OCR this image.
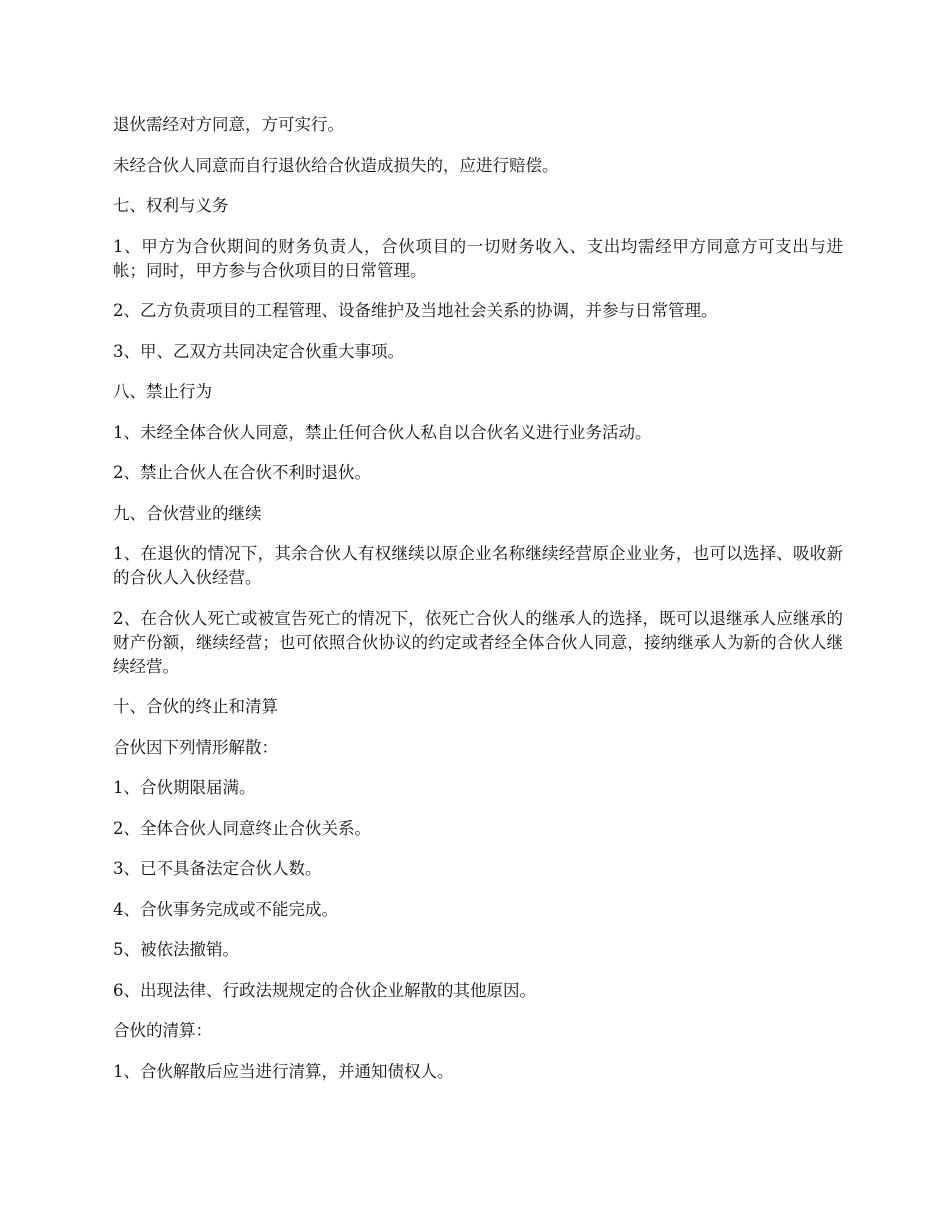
退伙需经对方同意，方可实行。

未经合伙人同意而自行退伙给合伙造成损失的，应进行赔偿。

七、权利与义务

1、甲方为合伙期间的财务负责人，合伙项目的一切财务收入、支出均需经甲方同意方可支出与进帐；同时，甲方参与合伙项目的日常管理。

2、乙方负责项目的工程管理、设备维护及当地社会关系的协调，并参与日常管理。

3、甲、乙双方共同决定合伙重大事项。

八、禁止行为

1、未经全体合伙人同意，禁止任何合伙人私自以合伙名义进行业务活动。

2、禁止合伙人在合伙不利时退伙。

九、合伙营业的继续

1、在退伙的情况下，其余合伙人有权继续以原企业名称继续经营原企业业务，也可以选择、吸收新的合伙人入伙经营。

2、在合伙人死亡或被宣告死亡的情况下，依死亡合伙人的继承人的选择，既可以退继承人应继承的财产份额，继续经营；也可依照合伙协议的约定或者经全体合伙人同意，接纳继承人为新的合伙人继续经营。

十、合伙的终止和清算

合伙因下列情形解散：

1、合伙期限届满。

2、全体合伙人同意终止合伙关系。

3、已不具备法定合伙人数。

4、合伙事务完成或不能完成。

5、被依法撤销。

6、出现法律、行政法规规定的合伙企业解散的其他原因。

合伙的清算：

1、合伙解散后应当进行清算，并通知债权人。
